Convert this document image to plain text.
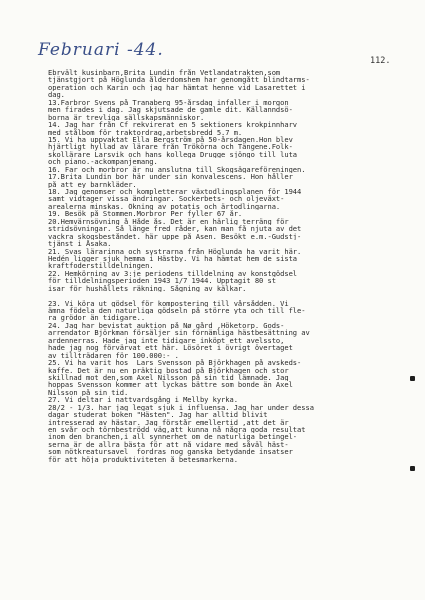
Februari -44.
112.
Ebrvält kusinbarn,Brita Lundin från Vetlandatrakten,som
tjänstgjort på Höglunda ålderdomshem har genomgått blindtarms-
operation och Karin och jag har hämtat henne vid Lasarettet i
dag.
13.Farbror Svens på Tranaberg 95-årsdag infaller i morgon
men firades i dag. Jag skjutsade de gamle dit. Källanndsö-
borna är trevliga sällskapsmänniskor.
14. Jag har från Cf rekvirerat en 5 sektioners krokpinnharv
med stålbom för traktordrag,arbetsbredd 5.7 m.
15. Vi ha uppvaktat Ella Bergström på 50-årsdagen.Hon blev
hjärtligt hyllad av lärare från Trökörna och Tängene.Folk-
skollärare Larsvik och hans kollega Drugge sjöngo till luta
och piano.-ackompanjemang.
16. Far och morbror är nu anslutna till Skogsägareföreningen.
17.Brita Lundin bor här under sin konvalescens. Hon håller
på att ey barnkläder.
18. Jag genomser och kompletterar växtodlingsplanen för 1944
samt vidtager vissa ändringar. Sockerbets- och oljeväxt-
arealerna minskas. Ökning av potatis och ärtodlingarna.
19. Besök på Stommen.Morbror Per fyller 67 år.
20.Hemvärnsövning å Håde ås. Det är en härlig terräng för
stridsövningar. Så länge fred råder, kan man få njuta av det
vackra skogsbeståndet. här uppe på Asen. Besökt e.m.-Gudstj-
tjänst i Åsaka.
21. Svas lärarinna och systrarna från Höglunda ha varit här.
Hedén ligger sjuk hemma i Hästby. Vi ha hämtat hem de sista
kraftfoderstilldelningen.
22. Hemkörning av 3:je periodens tilldelning av konstgödsel
för tilldelningsperioden 1943 1/7 1944. Upptagit 80 st
isar för hushållets räkning. Sågning av kälkar.
23. Vi köra ut gödsel för kompostering till vårsådden. Vi
ämna födela den naturliga gödseln på större yta och till fle-
ra grödor än tidigare..
24. Jag har bevistat auktion på Nø gård ,Höketorp. Gods-
arrendator Björkman försäljer sin förnämliga hästbesättning av
ardennerras. Hade jag inte tidigare inköpt ett avelssto,
hade jag nog förvärvat ett här. Lösöret i övrigt övertaget
av tillträdaren för 100.000:- .
25. Vi ha varit hos  Lars Svensson på Björkhagen på avskeds-
kaffe. Det är nu en präktig bostad på Björkhagen och stor
skillnad mot den,som Axel Nilsson på sin tid lämnade. Jag
hoppas Svensson kommer att lyckas bättre som bonde än Axel
Nilsson på sin tid.
27. Vi deltar i nattvardsgång i Mellby kyrka.
28/2 - 1/3. har jag legat sjuk i influensa. Jag har under dessa
dagar studerat boken "Hästen". Jag har alltid blivit
intresserad av hästar. Jag förstår emellertid ,att det är
en svår och törnbeströdd väg,att kunna nå några goda resultat
inom den branchen,i all synnerhet om de naturliga betingel-
serna är de allra bästa för att nå vidare med såväl häst-
som nötkreatursavel  fordras nog ganska betydande insatser
för att höja produktiviteten å betesmarkerna.
